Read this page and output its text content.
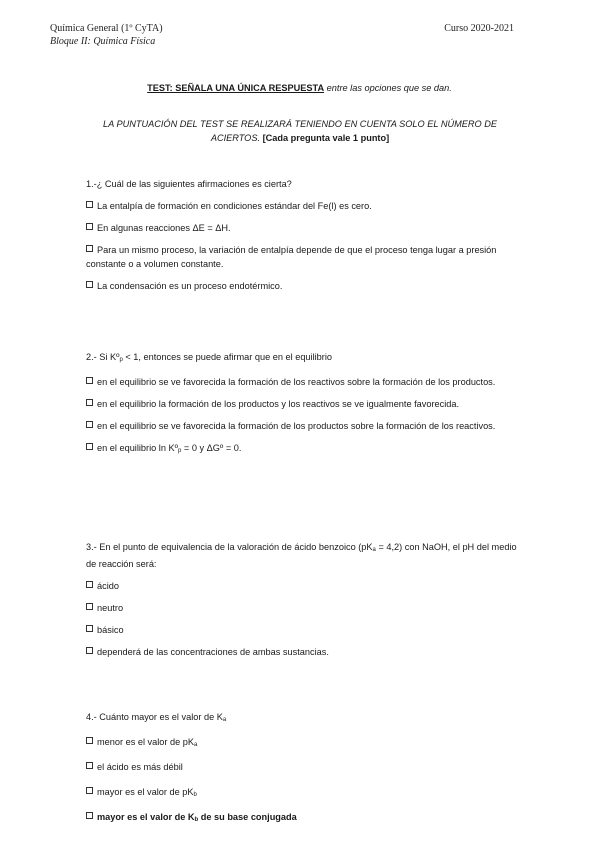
Química General (1º CyTA)
Bloque II: Química Física
Curso 2020-2021
TEST: SEÑALA UNA ÚNICA RESPUESTA entre las opciones que se dan.
LA PUNTUACIÓN DEL TEST SE REALIZARÁ TENIENDO EN CUENTA SOLO EL NÚMERO DE ACIERTOS. [Cada pregunta vale 1 punto]

1.-¿ Cuál de las siguientes afirmaciones es cierta?

La entalpía de formación en condiciones estándar del Fe(l) es cero.
En algunas reacciones ΔE = ΔH.
Para un mismo proceso, la variación de entalpía depende de que el proceso tenga lugar a presión constante o a volumen constante.
La condensación es un proceso endotérmico.

2.- Si Kºp < 1, entonces se puede afirmar que en el equilibrio

en el equilibrio se ve favorecida la formación de los reactivos sobre la formación de los productos.
en el equilibrio la formación de los productos y los reactivos se ve igualmente favorecida.
en el equilibrio se ve favorecida la formación de los productos sobre la formación de los reactivos.
en el equilibrio ln Kºp = 0 y ΔGº = 0.

3.- En el punto de equivalencia de la valoración de ácido benzoico (pKa = 4,2) con NaOH, el pH del medio de reacción será:

ácido
neutro
básico
dependerá de las concentraciones de ambas sustancias.

4.- Cuánto mayor es el valor de Ka

menor es el valor de pKa
el ácido es más débil
mayor es el valor de pKb
mayor es el valor de Kb de su base conjugada
